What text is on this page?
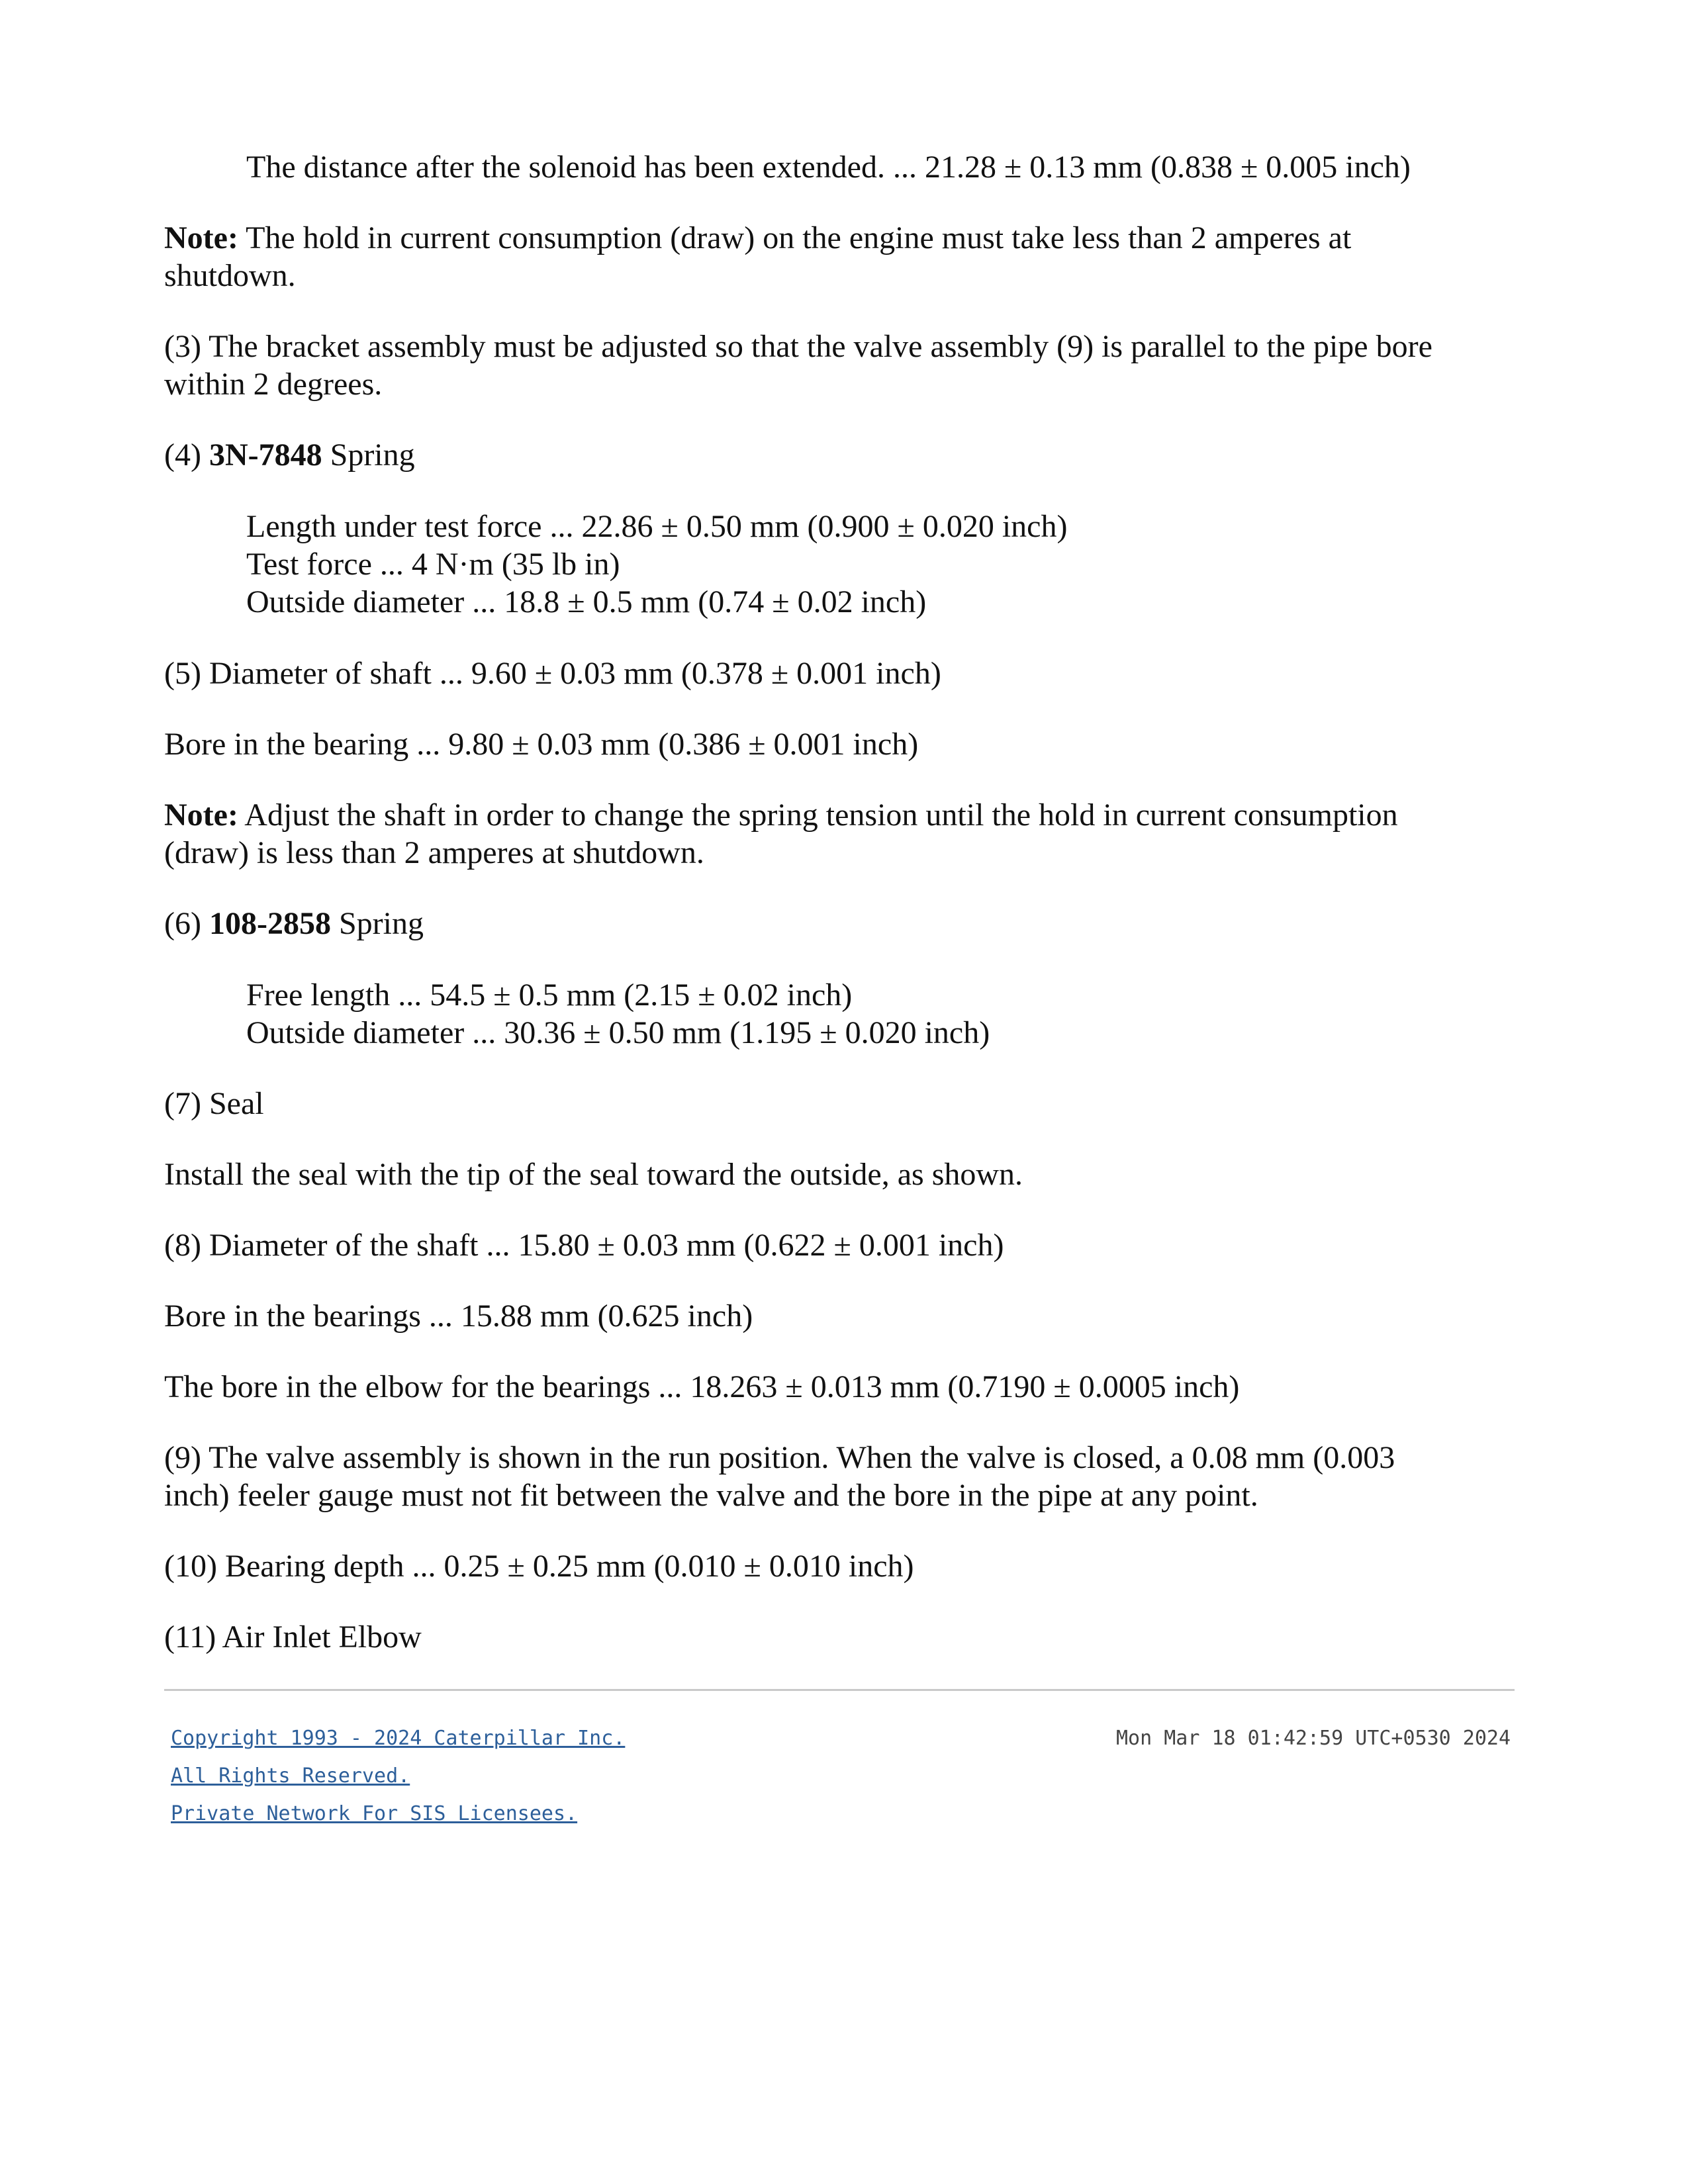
The distance after the solenoid has been extended. ... 21.28 ± 0.13 mm (0.838 ± 0.005 inch)
Note: The hold in current consumption (draw) on the engine must take less than 2 amperes at
shutdown.
(3) The bracket assembly must be adjusted so that the valve assembly (9) is parallel to the pipe bore
within 2 degrees.
(4) 3N-7848 Spring
Length under test force ... 22.86 ± 0.50 mm (0.900 ± 0.020 inch)
Test force ... 4 N·m (35 lb in)
Outside diameter ... 18.8 ± 0.5 mm (0.74 ± 0.02 inch)
(5) Diameter of shaft ... 9.60 ± 0.03 mm (0.378 ± 0.001 inch)
Bore in the bearing ... 9.80 ± 0.03 mm (0.386 ± 0.001 inch)
Note: Adjust the shaft in order to change the spring tension until the hold in current consumption
(draw) is less than 2 amperes at shutdown.
(6) 108-2858 Spring
Free length ... 54.5 ± 0.5 mm (2.15 ± 0.02 inch)
Outside diameter ... 30.36 ± 0.50 mm (1.195 ± 0.020 inch)
(7) Seal
Install the seal with the tip of the seal toward the outside, as shown.
(8) Diameter of the shaft ... 15.80 ± 0.03 mm (0.622 ± 0.001 inch)
Bore in the bearings ... 15.88 mm (0.625 inch)
The bore in the elbow for the bearings ... 18.263 ± 0.013 mm (0.7190 ± 0.0005 inch)
(9) The valve assembly is shown in the run position. When the valve is closed, a 0.08 mm (0.003
inch) feeler gauge must not fit between the valve and the bore in the pipe at any point.
(10) Bearing depth ... 0.25 ± 0.25 mm (0.010 ± 0.010 inch)
(11) Air Inlet Elbow
Copyright 1993 - 2024 Caterpillar Inc.
All Rights Reserved.
Private Network For SIS Licensees.
Mon Mar 18 01:42:59 UTC+0530 2024
